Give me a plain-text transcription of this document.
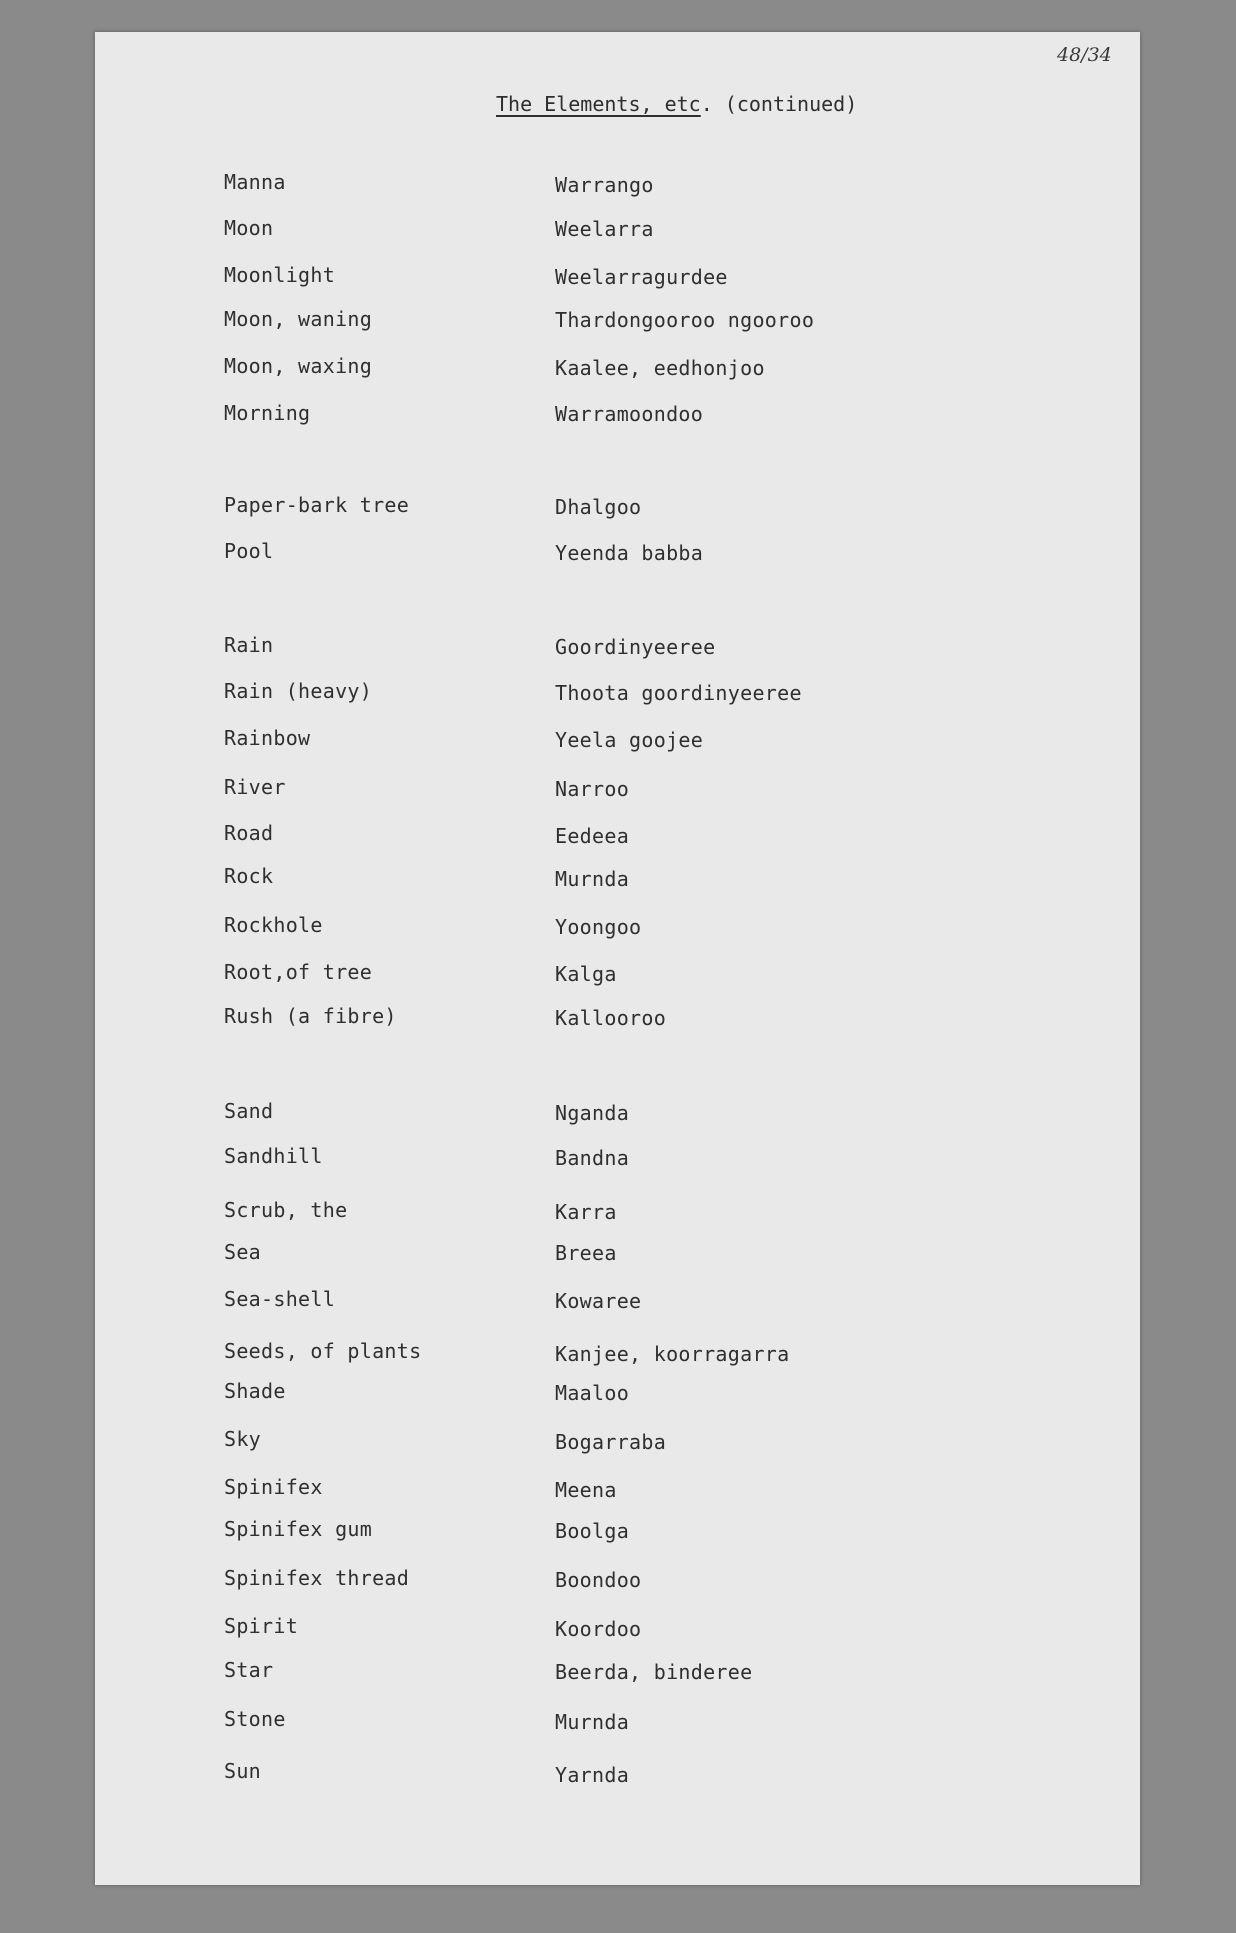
48/34
The Elements, etc. (continued)
Manna	Warrango
Moon	Weelarra
Moonlight	Weelarragurdee
Moon, waning	Thardongooroo ngooroo
Moon, waxing	Kaalee, eedhonjoo
Morning	Warramoondoo
Paper-bark tree	Dhalgoo
Pool	Yeenda babba
Rain	Goordinyeeree
Rain (heavy)	Thoota goordinyeeree
Rainbow	Yeela goojee
River	Narroo
Road	Eedeea
Rock	Murnda
Rockhole	Yoongoo
Root,of tree	Kalga
Rush (a fibre)	Kallooroo
Sand	Nganda
Sandhill	Bandna
Scrub, the	Karra
Sea	Breea
Sea-shell	Kowaree
Seeds, of plants	Kanjee, koorragarra
Shade	Maaloo
Sky	Bogarraba
Spinifex	Meena
Spinifex gum	Boolga
Spinifex thread	Boondoo
Spirit	Koordoo
Star	Beerda, binderee
Stone	Murnda
Sun	Yarnda
